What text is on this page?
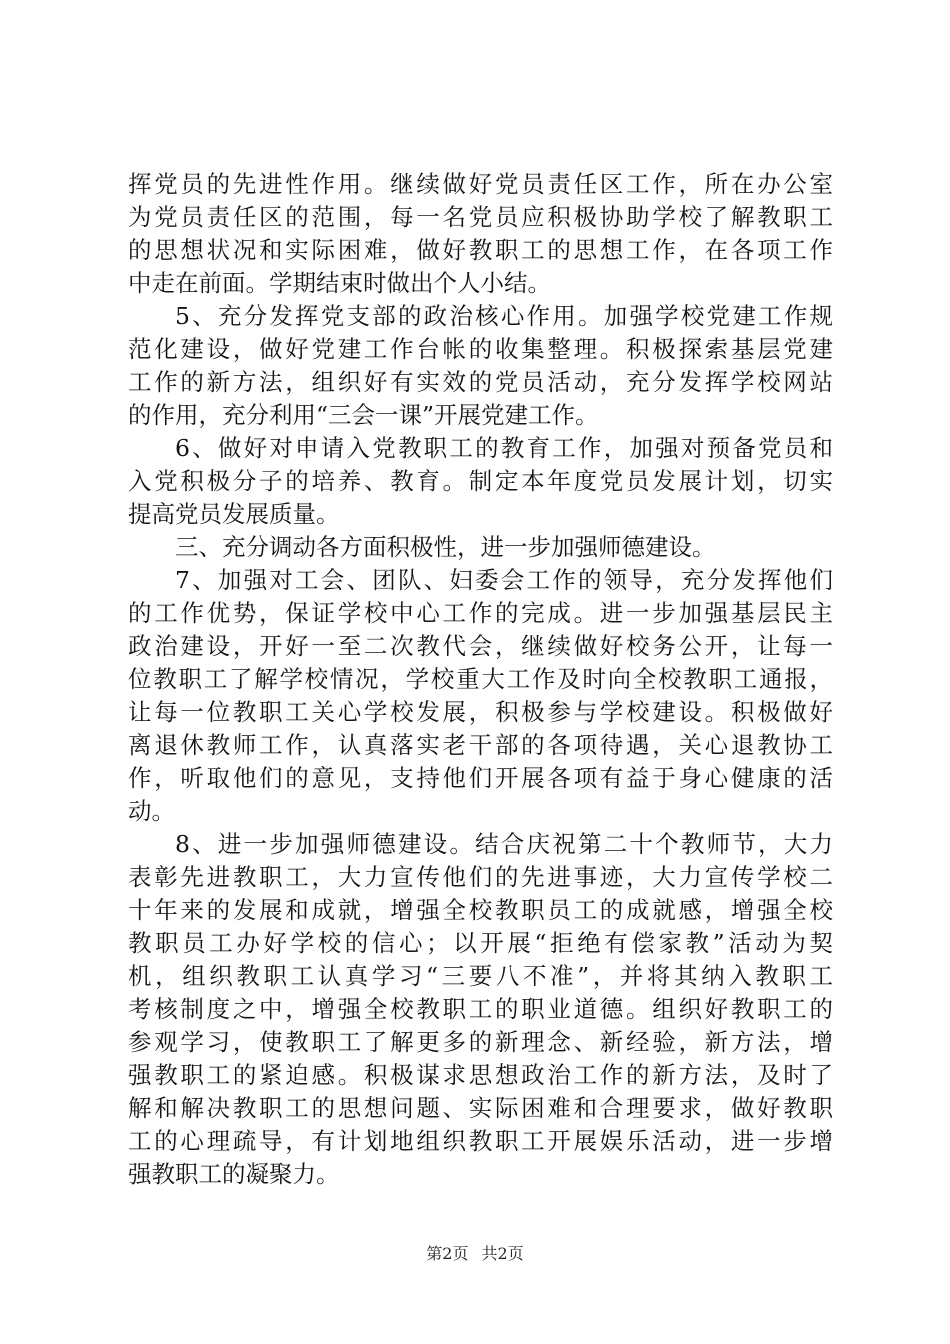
挥党员的先进性作用。继续做好党员责任区工作，所在办公室
为党员责任区的范围，每一名党员应积极协助学校了解教职工
的思想状况和实际困难，做好教职工的思想工作，在各项工作
中走在前面。学期结束时做出个人小结。
5、充分发挥党支部的政治核心作用。加强学校党建工作规
范化建设，做好党建工作台帐的收集整理。积极探索基层党建
工作的新方法，组织好有实效的党员活动，充分发挥学校网站
的作用，充分利用“三会一课”开展党建工作。
6、做好对申请入党教职工的教育工作，加强对预备党员和
入党积极分子的培养、教育。制定本年度党员发展计划，切实
提高党员发展质量。
三、充分调动各方面积极性，进一步加强师德建设。
7、加强对工会、团队、妇委会工作的领导，充分发挥他们
的工作优势，保证学校中心工作的完成。进一步加强基层民主
政治建设，开好一至二次教代会，继续做好校务公开，让每一
位教职工了解学校情况，学校重大工作及时向全校教职工通报，
让每一位教职工关心学校发展，积极参与学校建设。积极做好
离退休教师工作，认真落实老干部的各项待遇，关心退教协工
作，听取他们的意见，支持他们开展各项有益于身心健康的活
动。
8、进一步加强师德建设。结合庆祝第二十个教师节，大力
表彰先进教职工，大力宣传他们的先进事迹，大力宣传学校二
十年来的发展和成就，增强全校教职员工的成就感，增强全校
教职员工办好学校的信心；以开展“拒绝有偿家教”活动为契
机，组织教职工认真学习“三要八不准”，并将其纳入教职工
考核制度之中，增强全校教职工的职业道德。组织好教职工的
参观学习，使教职工了解更多的新理念、新经验，新方法，增
强教职工的紧迫感。积极谋求思想政治工作的新方法，及时了
解和解决教职工的思想问题、实际困难和合理要求，做好教职
工的心理疏导，有计划地组织教职工开展娱乐活动，进一步增
强教职工的凝聚力。
第2页 共2页
